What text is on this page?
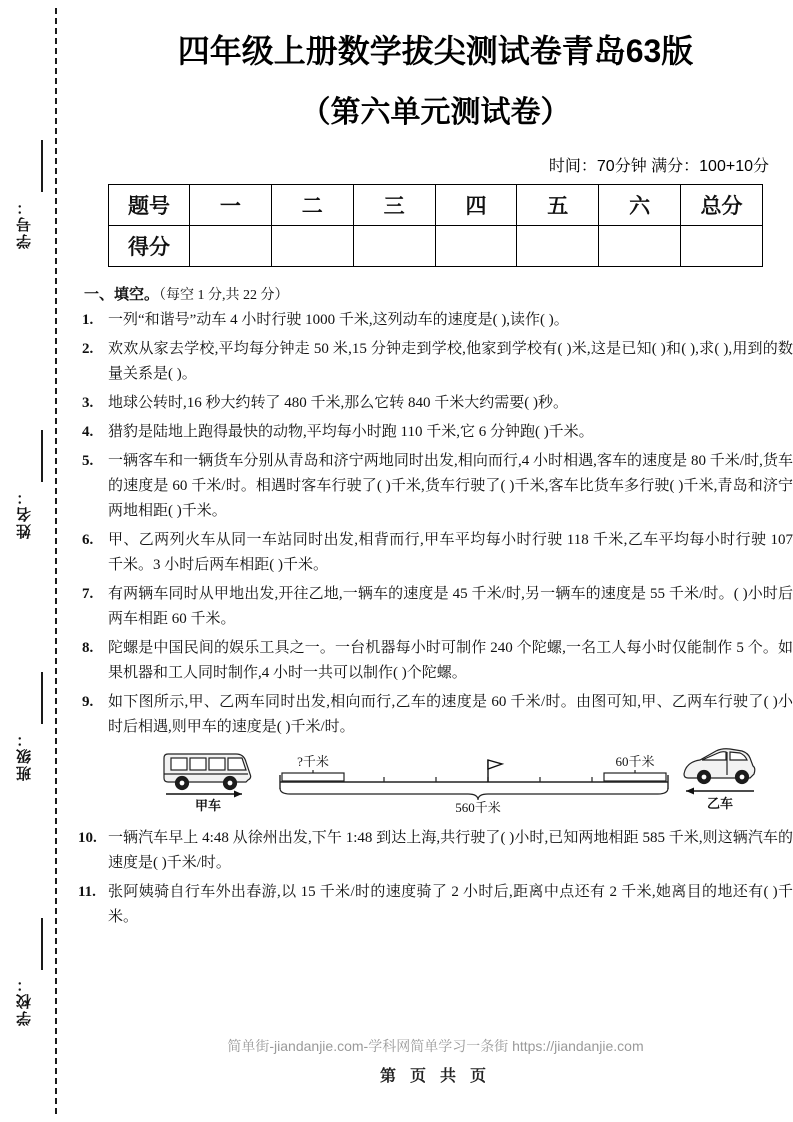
学号：
姓名：
班级：
学校：
四年级上册数学拔尖测试卷青岛63版
（第六单元测试卷）
时间：70分钟 满分：100+10分
题号	一	二	三	四	五	六	总分
得分							
一、填空。（每空 1 分,共 22 分）
1. 一列“和谐号”动车 4 小时行驶 1000 千米,这列动车的速度是( ),读作( )。
2. 欢欢从家去学校,平均每分钟走 50 米,15 分钟走到学校,他家到学校有( )米,这是已知( )和( ),求( ),用到的数量关系是( )。
3. 地球公转时,16 秒大约转了 480 千米,那么它转 840 千米大约需要( )秒。
4. 猎豹是陆地上跑得最快的动物,平均每小时跑 110 千米,它 6 分钟跑( )千米。
5. 一辆客车和一辆货车分别从青岛和济宁两地同时出发,相向而行,4 小时相遇,客车的速度是 80 千米/时,货车的速度是 60 千米/时。相遇时客车行驶了( )千米,货车行驶了( )千米,客车比货车多行驶( )千米,青岛和济宁两地相距( )千米。
6. 甲、乙两列火车从同一车站同时出发,相背而行,甲车平均每小时行驶 118 千米,乙车平均每小时行驶 107 千米。3 小时后两车相距( )千米。
7. 有两辆车同时从甲地出发,开往乙地,一辆车的速度是 45 千米/时,另一辆车的速度是 55 千米/时。( )小时后两车相距 60 千米。
8. 陀螺是中国民间的娱乐工具之一。一台机器每小时可制作 240 个陀螺,一名工人每小时仅能制作 5 个。如果机器和工人同时制作,4 小时一共可以制作( )个陀螺。
9. 如下图所示,甲、乙两车同时出发,相向而行,乙车的速度是 60 千米/时。由图可知,甲、乙两车行驶了( )小时后相遇,则甲车的速度是( )千米/时。
甲车	乙车
?千米	60千米
560千米
10. 一辆汽车早上 4:48 从徐州出发,下午 1:48 到达上海,共行驶了( )小时,已知两地相距 585 千米,则这辆汽车的速度是( )千米/时。
11. 张阿姨骑自行车外出春游,以 15 千米/时的速度骑了 2 小时后,距离中点还有 2 千米,她离目的地还有( )千米。
简单街-jiandanjie.com-学科网简单学习一条街 https://jiandanjie.com
第 页 共 页
